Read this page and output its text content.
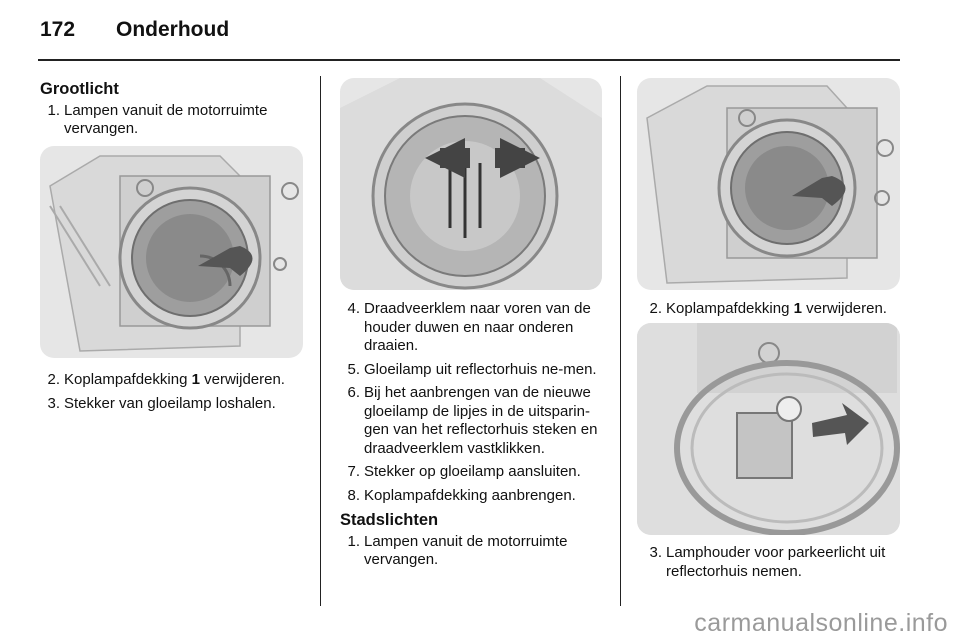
172 Onderhoud
Grootlicht
1. Lampen vanuit de motorruimte vervangen.
2. Koplampafdekking 1 verwijderen.
3. Stekker van gloeilamp loshalen.
4. Draadveerklem naar voren van de houder duwen en naar onderen draaien.
5. Gloeilamp uit reflectorhuis ne-men.
6. Bij het aanbrengen van de nieuwe gloeilamp de lipjes in de uitsparin-gen van het reflectorhuis steken en draadveerklem vastklikken.
7. Stekker op gloeilamp aansluiten.
8. Koplampafdekking aanbrengen.
Stadslichten
1. Lampen vanuit de motorruimte vervangen.
2. Koplampafdekking 1 verwijderen.
3. Lamphouder voor parkeerlicht uit reflectorhuis nemen.
carmanualsonline.info
